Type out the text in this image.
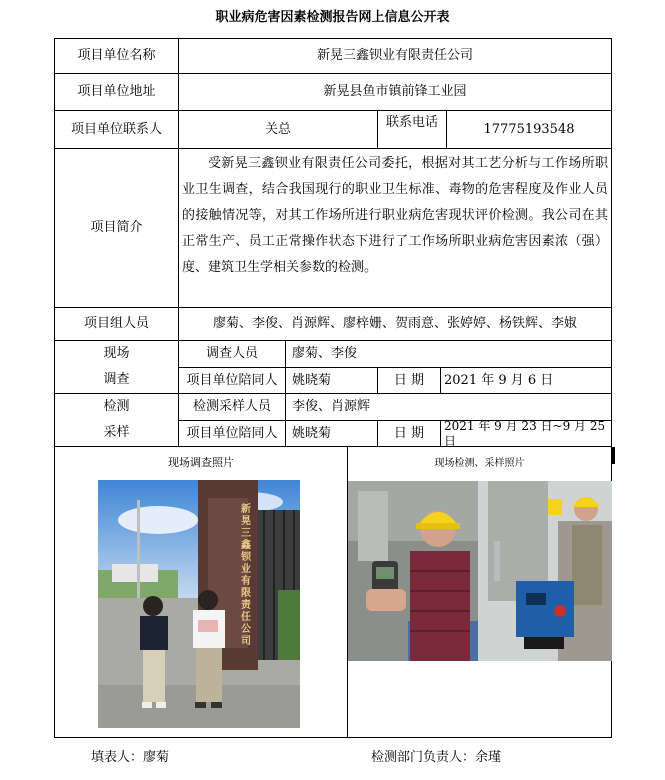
职业病危害因素检测报告网上信息公开表
项目单位名称	新晃三鑫钡业有限责任公司
项目单位地址	新晃县鱼市镇前锋工业园
项目单位联系人	关总	联系电话	17775193548
项目简介
受新晃三鑫钡业有限责任公司委托，根据对其工艺分析与工作场所职业卫生调查，结合我国现行的职业卫生标准、毒物的危害程度及作业人员的接触情况等，对其工作场所进行职业病危害现状评价检测。我公司在其正常生产、员工正常操作状态下进行了工作场所职业病危害因素浓（强）度、建筑卫生学相关参数的检测。
项目组人员	廖菊、李俊、肖源辉、廖梓姗、贺雨意、张婷婷、杨铁辉、李婌
现场
调查
调查人员	廖菊、李俊
项目单位陪同人	姚晓菊	日 期	2021 年 9 月 6 日
检测
采样
检测采样人员	李俊、肖源辉
项目单位陪同人	姚晓菊	日 期	2021 年 9 月 23 日~9 月 25 日
现场调查照片	现场检测、采样照片
新晃三鑫钡业有限责任公司
填表人：廖菊	检测部门负责人：余瑾
